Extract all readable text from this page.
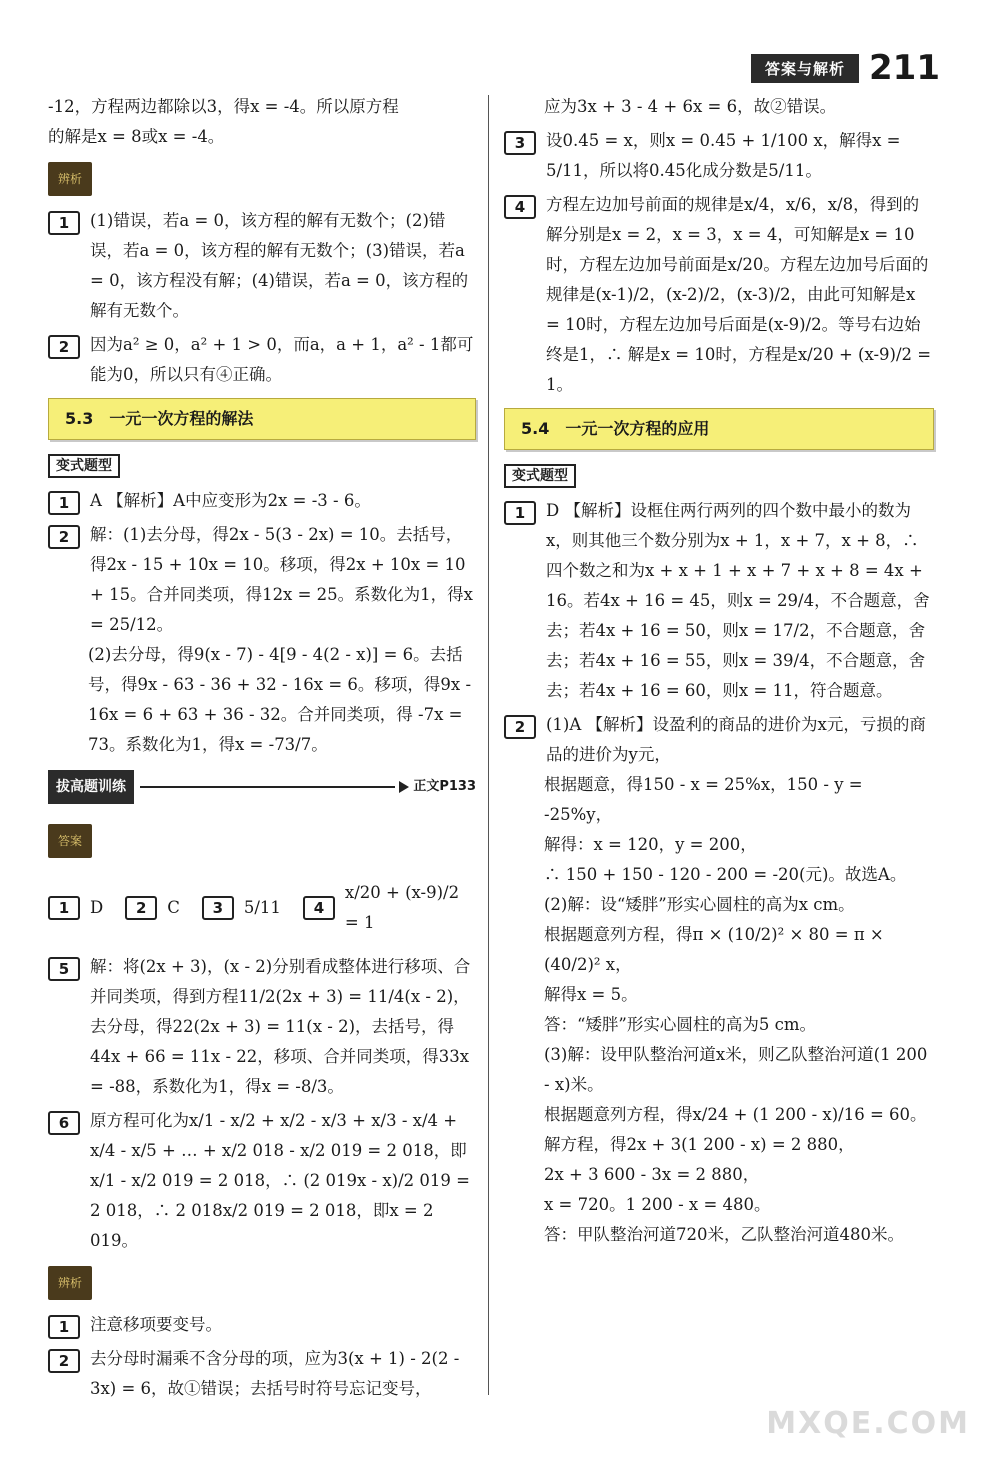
答案与解析 211

-12，方程两边都除以3，得x = -4。所以原方程

的解是x = 8或x = -4。

辨析
1	(1)错误，若a = 0，该方程的解有无数个；(2)错误，若a = 0，该方程的解有无数个；(3)错误，若a = 0，该方程没有解；(4)错误，若a = 0，该方程的解有无数个。
2	因为a² ≥ 0，a² + 1 > 0，而a，a + 1，a² - 1都可能为0，所以只有④正确。
5.3　一元一次方程的解法
变式题型
1	A 【解析】A中应变形为2x = -3 - 6。
2	解：(1)去分母，得2x - 5(3 - 2x) = 10。去括号，得2x - 15 + 10x = 10。移项，得2x + 10x = 10 + 15。合并同类项，得12x = 25。系数化为1，得x = 25/12。

(2)去分母，得9(x - 7) - 4[9 - 4(2 - x)] = 6。去括号，得9x - 63 - 36 + 32 - 16x = 6。移项，得9x - 16x = 6 + 63 + 36 - 32。合并同类项，得 -7x = 73。系数化为1，得x = -73/7。

拔高题训练	正文P133
答案
1	D	2	C	3	5/11	4
x/20 + (x-9)/2 = 1
5	解：将(2x + 3)，(x - 2)分别看成整体进行移项、合并同类项，得到方程11/2(2x + 3) = 11/4(x - 2)，去分母，得22(2x + 3) = 11(x - 2)，去括号，得44x + 66 = 11x - 22，移项、合并同类项，得33x = -88，系数化为1，得x = -8/3。
6	原方程可化为x/1 - x/2 + x/2 - x/3 + x/3 - x/4 + x/4 - x/5 + … + x/2 018 - x/2 019 = 2 018，即x/1 - x/2 019 = 2 018，∴ (2 019x - x)/2 019 = 2 018，∴ 2 018x/2 019 = 2 018，即x = 2 019。
辨析
1	注意移项要变号。
2	去分母时漏乘不含分母的项，应为3(x + 1) - 2(2 - 3x) = 6，故①错误；去括号时符号忘记变号，

应为3x + 3 - 4 + 6x = 6，故②错误。

3	设0.4̇5̇ = x，则x = 0.45 + 1/100 x，解得x = 5/11，所以将0.4̇5̇化成分数是5/11。
4	方程左边加号前面的规律是x/4，x/6，x/8，得到的解分别是x = 2，x = 3，x = 4，可知解是x = 10时，方程左边加号前面是x/20。方程左边加号后面的规律是(x-1)/2，(x-2)/2，(x-3)/2，由此可知解是x = 10时，方程左边加号后面是(x-9)/2。等号右边始终是1，∴ 解是x = 10时，方程是x/20 + (x-9)/2 = 1。
5.4　一元一次方程的应用
变式题型
1	D 【解析】设框住两行两列的四个数中最小的数为x，则其他三个数分别为x + 1，x + 7，x + 8，∴ 四个数之和为x + x + 1 + x + 7 + x + 8 = 4x + 16。若4x + 16 = 45，则x = 29/4，不合题意，舍去；若4x + 16 = 50，则x = 17/2，不合题意，舍去；若4x + 16 = 55，则x = 39/4，不合题意，舍去；若4x + 16 = 60，则x = 11，符合题意。
2	(1)A 【解析】设盈利的商品的进价为x元，亏损的商品的进价为y元，

根据题意，得150 - x = 25%x，150 - y = -25%y，

解得：x = 120，y = 200，

∴ 150 + 150 - 120 - 200 = -20(元)。故选A。

(2)解：设“矮胖”形实心圆柱的高为x cm。

根据题意列方程，得π × (10/2)² × 80 = π × (40/2)² x，

解得x = 5。

答：“矮胖”形实心圆柱的高为5 cm。

(3)解：设甲队整治河道x米，则乙队整治河道(1 200 - x)米。

根据题意列方程，得x/24 + (1 200 - x)/16 = 60。

解方程，得2x + 3(1 200 - x) = 2 880，

2x + 3 600 - 3x = 2 880，

x = 720。1 200 - x = 480。

答：甲队整治河道720米，乙队整治河道480米。

MXQE.COM
